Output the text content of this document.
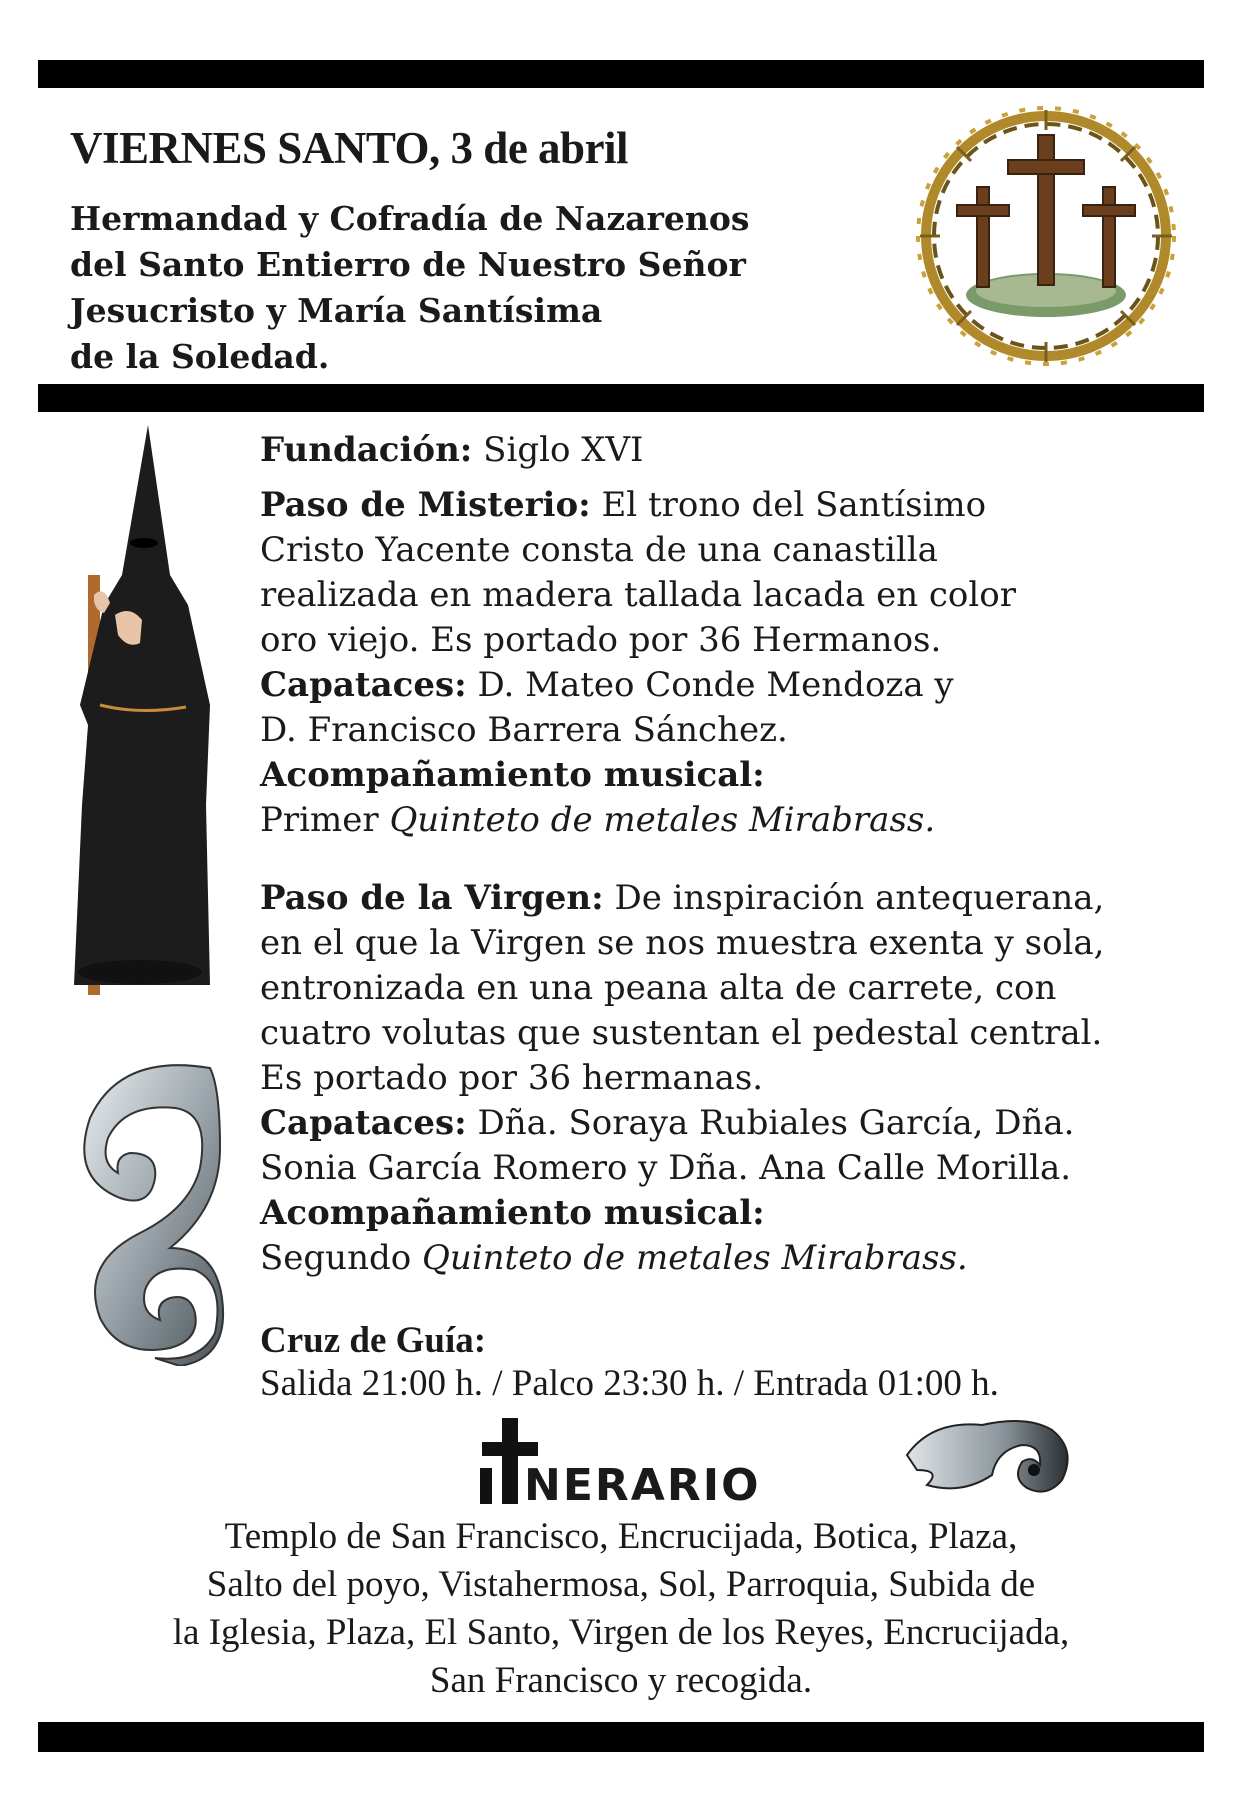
VIERNES SANTO, 3 de abril
Hermandad y Cofradía de Nazarenos
del Santo Entierro de Nuestro Señor
Jesucristo y María Santísima
de la Soledad.
Fundación: Siglo XVI
Paso de Misterio: El trono del Santísimo
Cristo Yacente consta de una canastilla
realizada en madera tallada lacada en color
oro viejo. Es portado por 36 Hermanos.
Capataces: D. Mateo Conde Mendoza y
D. Francisco Barrera Sánchez.
Acompañamiento musical:
Primer Quinteto de metales Mirabrass.
Paso de la Virgen: De inspiración antequerana,
en el que la Virgen se nos muestra exenta y sola,
entronizada en una peana alta de carrete, con
cuatro volutas que sustentan el pedestal central.
Es portado por 36 hermanas.
Capataces: Dña. Soraya Rubiales García, Dña.
Sonia García Romero y Dña. Ana Calle Morilla.
Acompañamiento musical:
Segundo Quinteto de metales Mirabrass.
Cruz de Guía:
Salida 21:00 h. / Palco 23:30 h. / Entrada 01:00 h.
NERARIO
Templo de San Francisco, Encrucijada, Botica, Plaza,
Salto del poyo, Vistahermosa, Sol, Parroquia, Subida de
la Iglesia, Plaza, El Santo, Virgen de los Reyes, Encrucijada,
San Francisco y recogida.
